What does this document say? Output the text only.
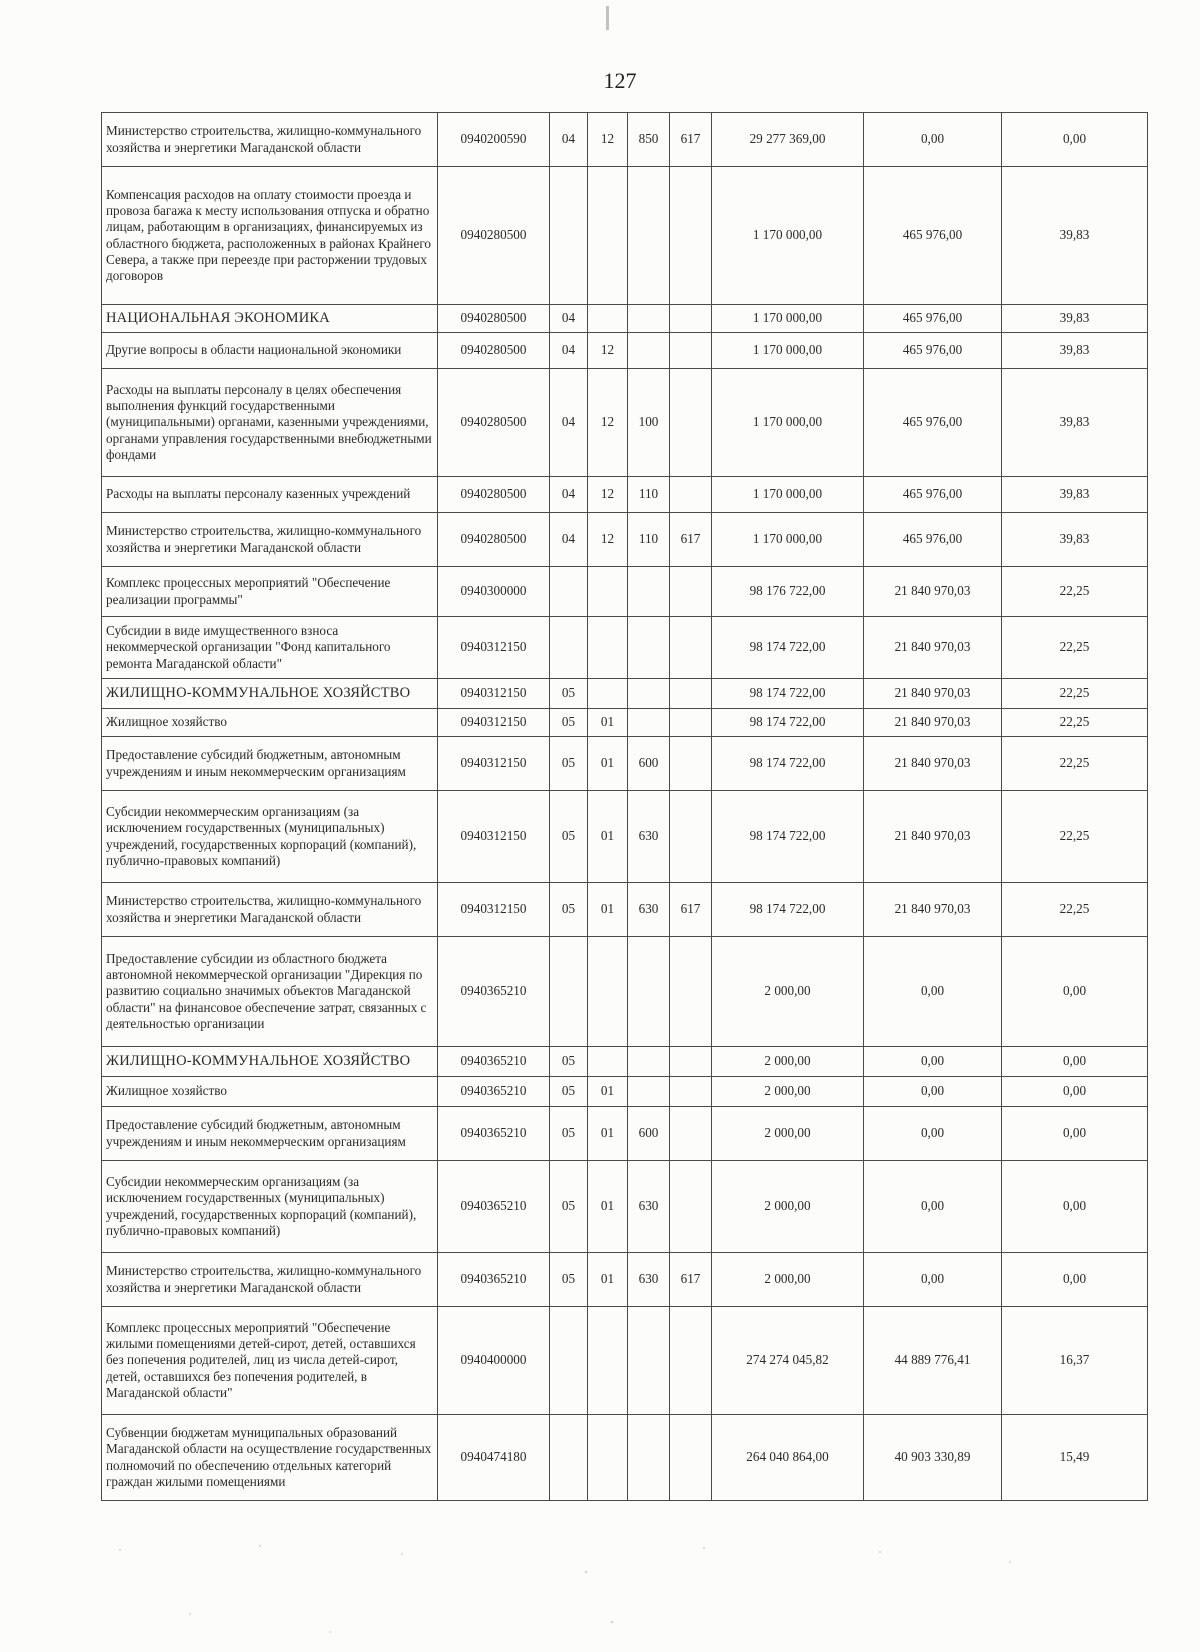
127
Министерство строительства, жилищно-коммунального хозяйства и энергетики Магаданской области	0940200590	04	12	850	617	29 277 369,00	0,00	0,00
Компенсация расходов на оплату стоимости проезда и провоза багажа к месту использования отпуска и обратно лицам, работающим в организациях, финансируемых из областного бюджета, расположенных в районах Крайнего Севера, а также при переезде при расторжении трудовых договоров	0940280500					1 170 000,00	465 976,00	39,83
НАЦИОНАЛЬНАЯ ЭКОНОМИКА	0940280500	04				1 170 000,00	465 976,00	39,83
Другие вопросы в области национальной экономики	0940280500	04	12			1 170 000,00	465 976,00	39,83
Расходы на выплаты персоналу в целях обеспечения выполнения функций государственными (муниципальными) органами, казенными учреждениями, органами управления государственными внебюджетными фондами	0940280500	04	12	100		1 170 000,00	465 976,00	39,83
Расходы на выплаты персоналу казенных учреждений	0940280500	04	12	110		1 170 000,00	465 976,00	39,83
Министерство строительства, жилищно-коммунального хозяйства и энергетики Магаданской области	0940280500	04	12	110	617	1 170 000,00	465 976,00	39,83
Комплекс процессных мероприятий "Обеспечение реализации программы"	0940300000					98 176 722,00	21 840 970,03	22,25
Субсидии в виде имущественного взноса некоммерческой организации "Фонд капитального ремонта Магаданской области"	0940312150					98 174 722,00	21 840 970,03	22,25
ЖИЛИЩНО-КОММУНАЛЬНОЕ ХОЗЯЙСТВО	0940312150	05				98 174 722,00	21 840 970,03	22,25
Жилищное хозяйство	0940312150	05	01			98 174 722,00	21 840 970,03	22,25
Предоставление субсидий бюджетным, автономным учреждениям и иным некоммерческим организациям	0940312150	05	01	600		98 174 722,00	21 840 970,03	22,25
Субсидии некоммерческим организациям (за исключением государственных (муниципальных) учреждений, государственных корпораций (компаний), публично-правовых компаний)	0940312150	05	01	630		98 174 722,00	21 840 970,03	22,25
Министерство строительства, жилищно-коммунального хозяйства и энергетики Магаданской области	0940312150	05	01	630	617	98 174 722,00	21 840 970,03	22,25
Предоставление субсидии из областного бюджета автономной некоммерческой организации "Дирекция по развитию социально значимых объектов Магаданской области" на финансовое обеспечение затрат, связанных с деятельностью организации	0940365210					2 000,00	0,00	0,00
ЖИЛИЩНО-КОММУНАЛЬНОЕ ХОЗЯЙСТВО	0940365210	05				2 000,00	0,00	0,00
Жилищное хозяйство	0940365210	05	01			2 000,00	0,00	0,00
Предоставление субсидий бюджетным, автономным учреждениям и иным некоммерческим организациям	0940365210	05	01	600		2 000,00	0,00	0,00
Субсидии некоммерческим организациям (за исключением государственных (муниципальных) учреждений, государственных корпораций (компаний), публично-правовых компаний)	0940365210	05	01	630		2 000,00	0,00	0,00
Министерство строительства, жилищно-коммунального хозяйства и энергетики Магаданской области	0940365210	05	01	630	617	2 000,00	0,00	0,00
Комплекс процессных мероприятий "Обеспечение жилыми помещениями детей-сирот, детей, оставшихся без попечения родителей, лиц из числа детей-сирот, детей, оставшихся без попечения родителей, в Магаданской области"	0940400000					274 274 045,82	44 889 776,41	16,37
Субвенции бюджетам муниципальных образований Магаданской области на осуществление государственных полномочий по обеспечению отдельных категорий граждан жилыми помещениями	0940474180					264 040 864,00	40 903 330,89	15,49
